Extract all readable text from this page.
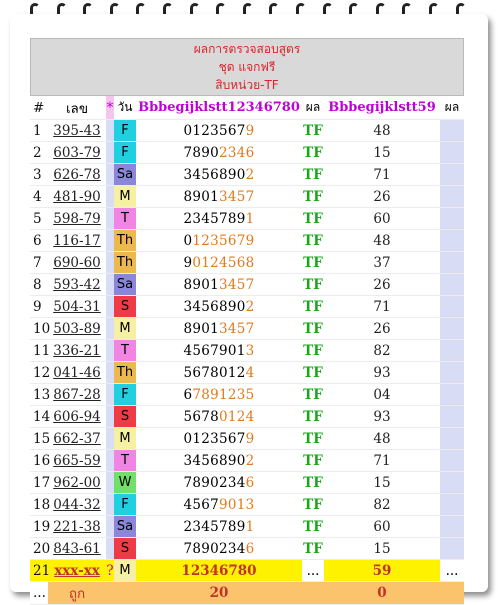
ผลการตรวจสอบสูตร
ชุด แจกฟรี
สิบหน่วย-TF
#	เลข	*	วัน	Bbbegijklstt12346780	ผล	Bbbegijklstt59	ผล
1	395-43		F	01235679	TF	48	
2	603-79		F	78902346	TF	15	
3	626-78		Sa	34568902	TF	71	
4	481-90		M	89013457	TF	26	
5	598-79		T	23457891	TF	60	
6	116-17		Th	01235679	TF	48	
7	690-60		Th	90124568	TF	37	
8	593-42		Sa	89013457	TF	26	
9	504-31		S	34568902	TF	71	
10	503-89		M	89013457	TF	26	
11	336-21		T	45679013	TF	82	
12	041-46		Th	56780124	TF	93	
13	867-28		F	67891235	TF	04	
14	606-94		S	56780124	TF	93	
15	662-37		M	01235679	TF	48	
16	665-59		T	34568902	TF	71	
17	962-00		W	78902346	TF	15	
18	044-32		F	45679013	TF	82	
19	221-38		Sa	23457891	TF	60	
20	843-61		S	78902346	TF	15	
21	xxx-xx	?	M	12346780	...	59	...
...	ถูก			20		0	
